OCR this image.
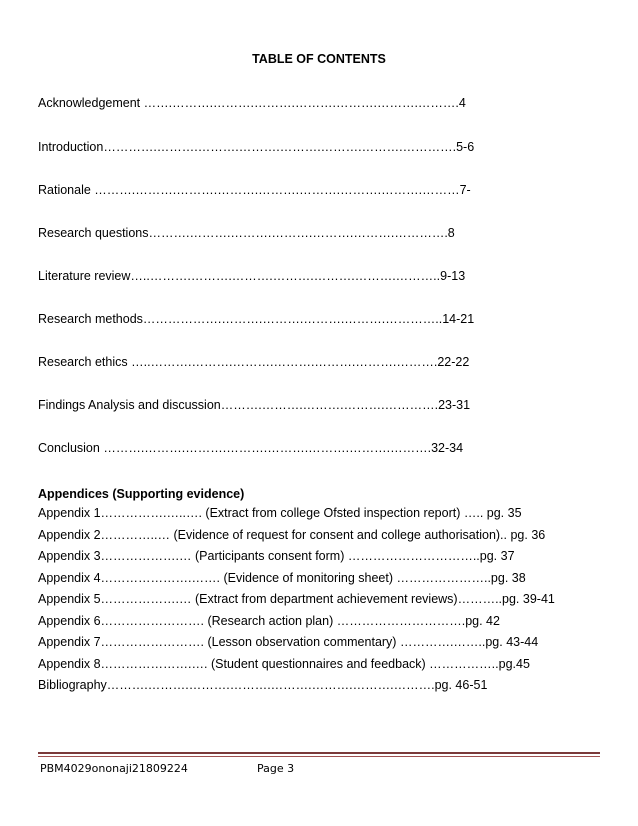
TABLE OF CONTENTS
Acknowledgement …….……….……….……….……….……….……….……….4
Introduction………….……….……….……….……….……….……….………….5-6
Rationale ……….……….……….……….……….……….……….……….………7-
Research questions……….……….……….……….……….……….………….8
Literature review…..……….……….……….……….……….……….………..9-13
Research methods……………….……….……….……….……….…………..14-21
Research ethics …..……….……….……….……….……….……….……….22-22
Findings Analysis and discussion……….……….……….……….………….23-31
Conclusion ……….……….……….……….……….……….……….……….32-34
Appendices (Supporting evidence)
Appendix 1…………….…..…. (Extract from college Ofsted inspection report) ….. pg. 35
Appendix 2…………..… (Evidence of request for consent and college authorisation).. pg. 36
Appendix 3……………….… (Participants consent form) …………………………..pg. 37
Appendix 4………………….……. (Evidence of monitoring sheet) …………………..pg. 38
Appendix 5……………….… (Extract from department achievement reviews)………..pg. 39-41
Appendix 6……………………. (Research action plan) ………………………….pg. 42
Appendix 7……………………. (Lesson observation commentary) ………….……..pg. 43-44
Appendix 8………………….…. (Student questionnaires and feedback) ……………..pg.45
Bibliography……….……….……….……….……….……….……….……….pg. 46-51
PBM4029ononaji21809224	Page 3
